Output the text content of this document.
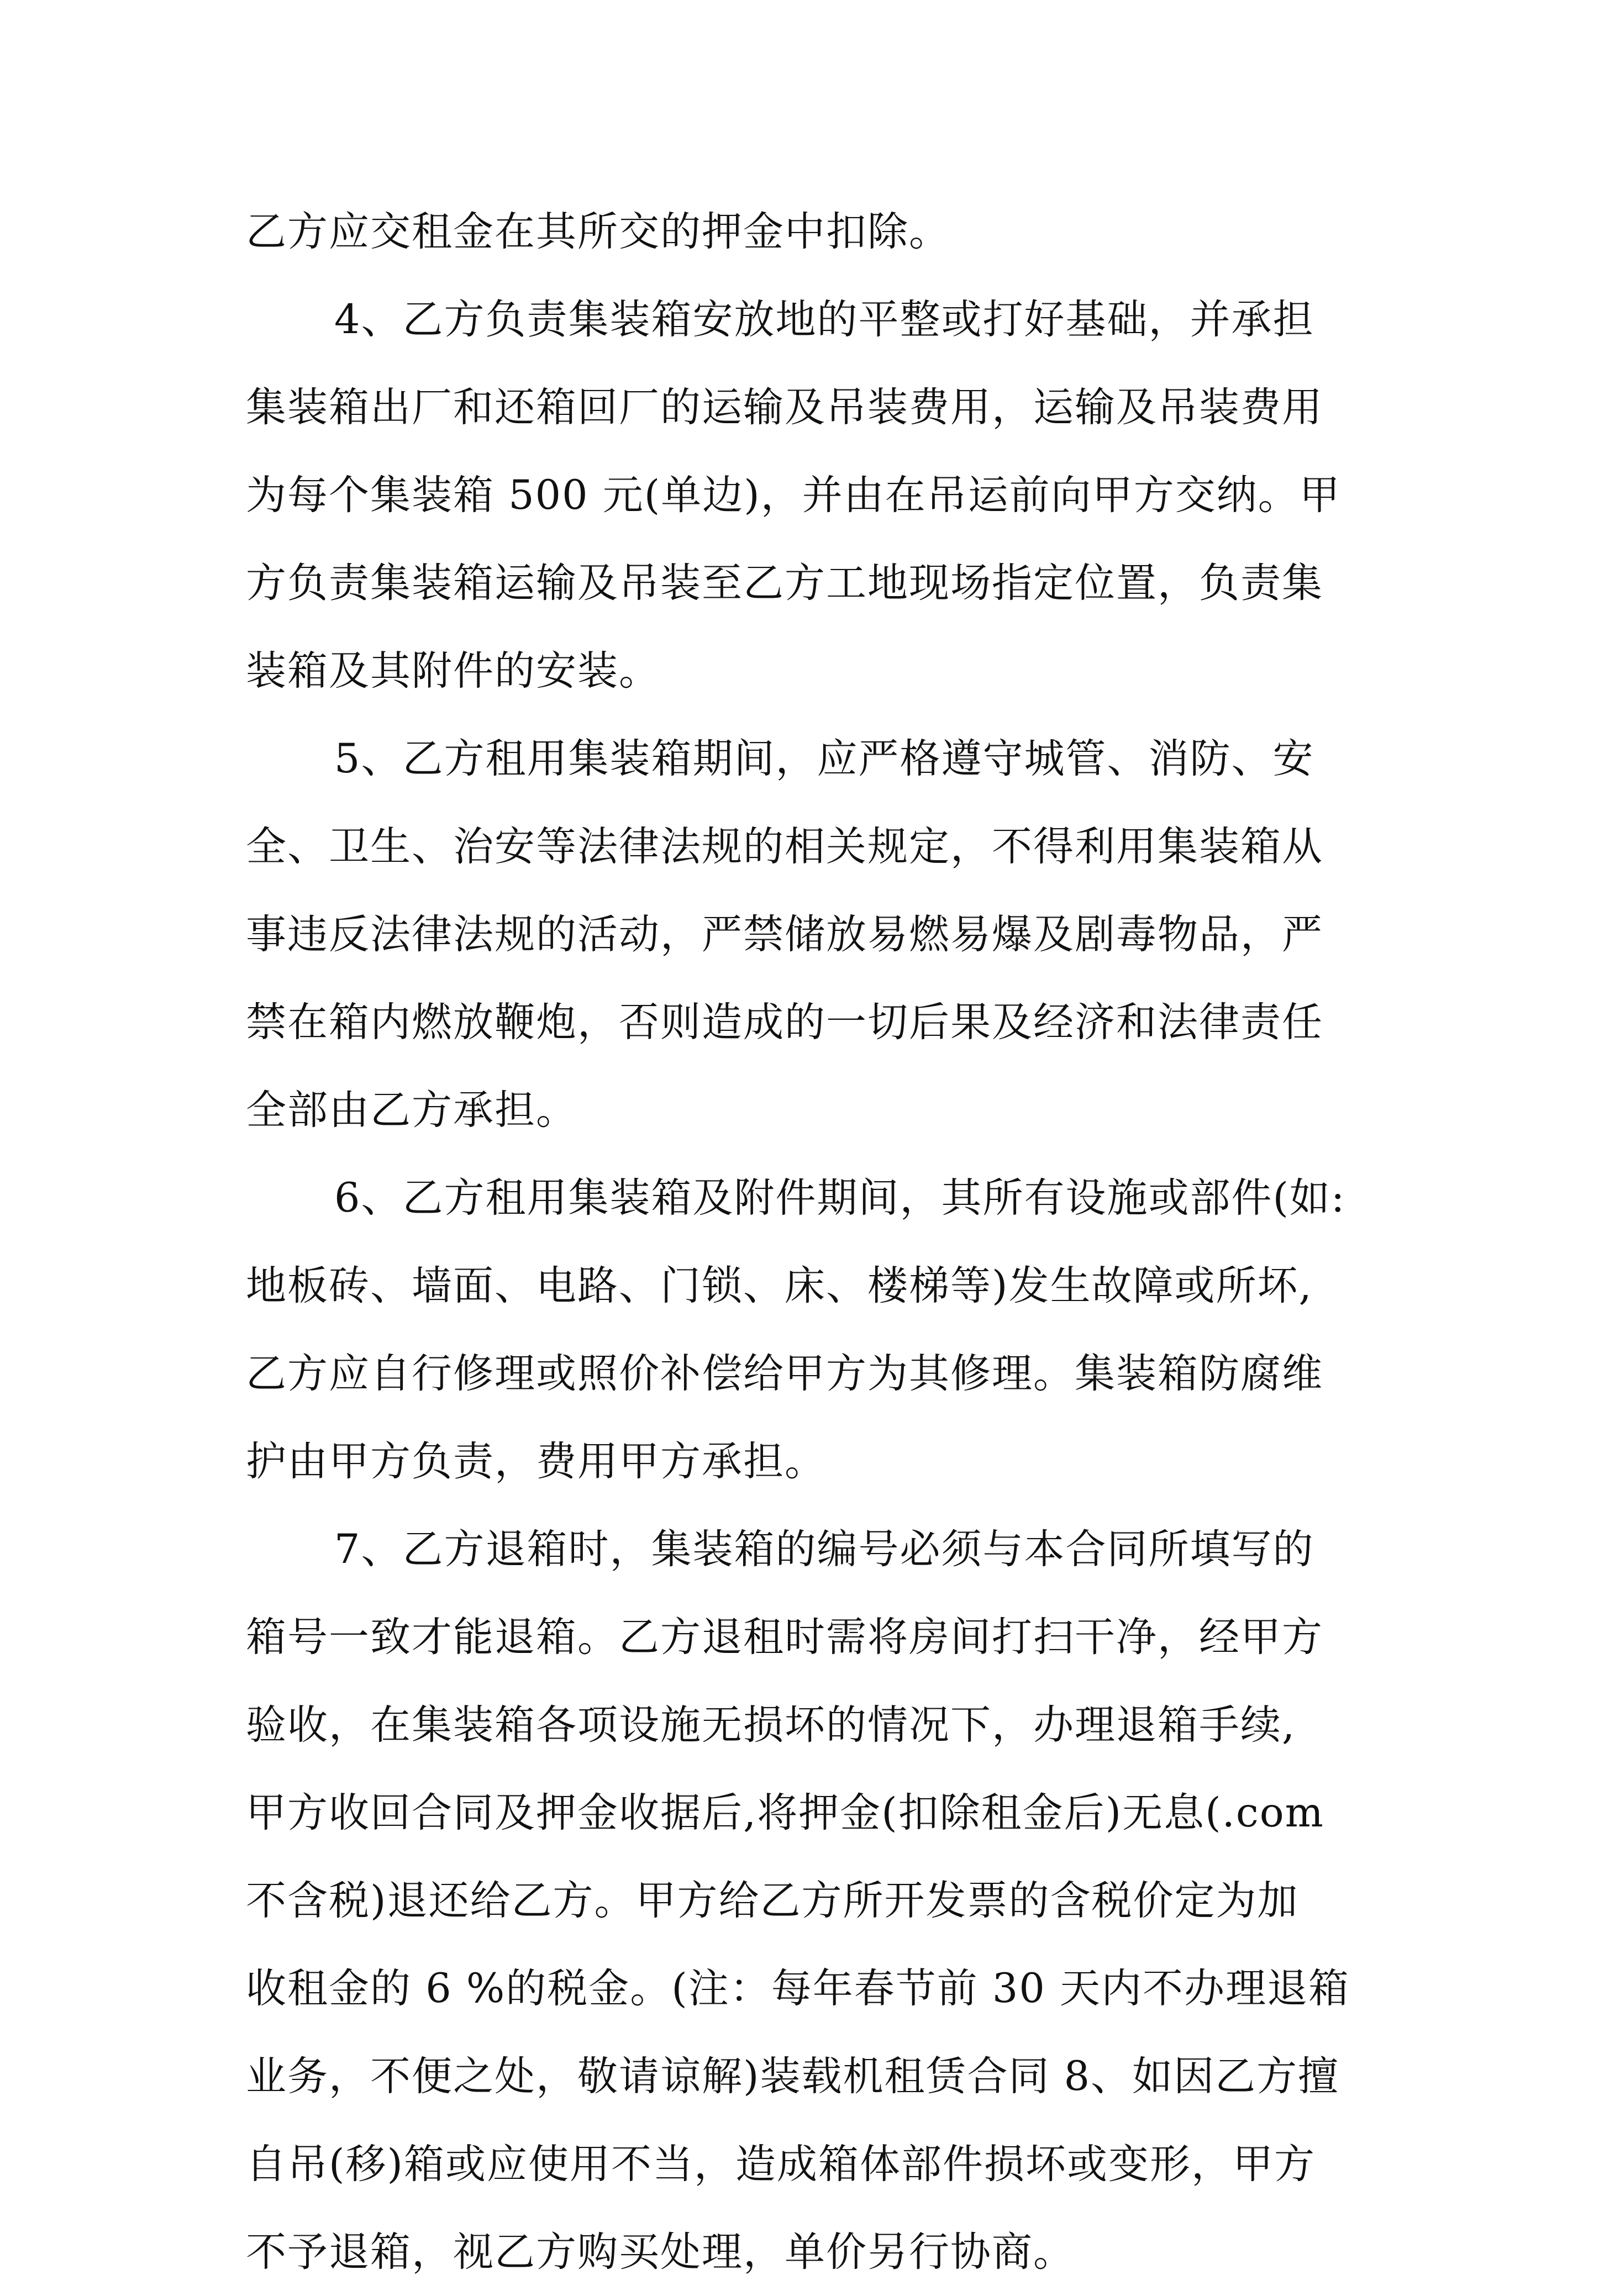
乙方应交租金在其所交的押金中扣除。
4、乙方负责集装箱安放地的平整或打好基础，并承担
集装箱出厂和还箱回厂的运输及吊装费用，运输及吊装费用
为每个集装箱 500 元(单边)，并由在吊运前向甲方交纳。甲
方负责集装箱运输及吊装至乙方工地现场指定位置，负责集
装箱及其附件的安装。
5、乙方租用集装箱期间，应严格遵守城管、消防、安
全、卫生、治安等法律法规的相关规定，不得利用集装箱从
事违反法律法规的活动，严禁储放易燃易爆及剧毒物品，严
禁在箱内燃放鞭炮，否则造成的一切后果及经济和法律责任
全部由乙方承担。
6、乙方租用集装箱及附件期间，其所有设施或部件(如:
地板砖、墙面、电路、门锁、床、楼梯等)发生故障或所坏,
乙方应自行修理或照价补偿给甲方为其修理。集装箱防腐维
护由甲方负责，费用甲方承担。
7、乙方退箱时，集装箱的编号必须与本合同所填写的
箱号一致才能退箱。乙方退租时需将房间打扫干净，经甲方
验收，在集装箱各项设施无损坏的情况下，办理退箱手续,
甲方收回合同及押金收据后,将押金(扣除租金后)无息(.com
不含税)退还给乙方。甲方给乙方所开发票的含税价定为加
收租金的 6 %的税金。(注：每年春节前 30 天内不办理退箱
业务，不便之处，敬请谅解)装载机租赁合同 8、如因乙方擅
自吊(移)箱或应使用不当，造成箱体部件损坏或变形，甲方
不予退箱，视乙方购买处理，单价另行协商。
